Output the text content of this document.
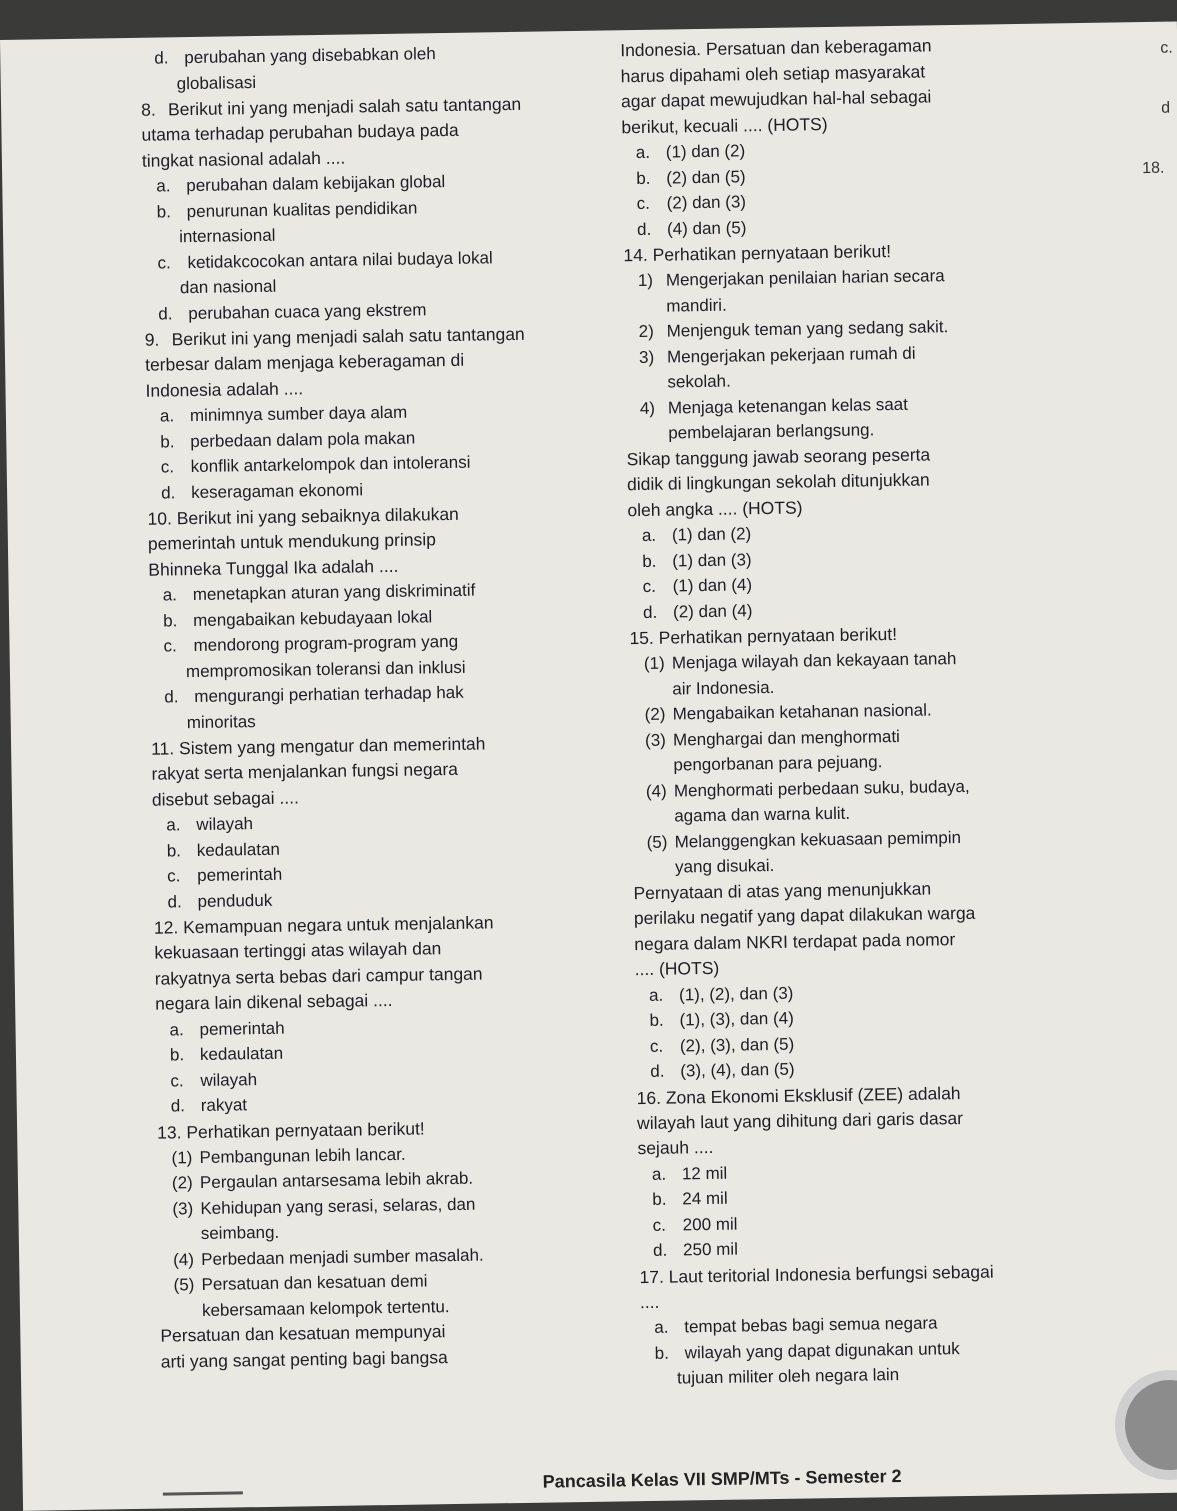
d. perubahan yang disebabkan oleh
globalisasi
8. Berikut ini yang menjadi salah satu tantangan
utama terhadap perubahan budaya pada
tingkat nasional adalah ....
a. perubahan dalam kebijakan global
b. penurunan kualitas pendidikan
internasional
c. ketidakcocokan antara nilai budaya lokal
dan nasional
d. perubahan cuaca yang ekstrem
9. Berikut ini yang menjadi salah satu tantangan
terbesar dalam menjaga keberagaman di
Indonesia adalah ....
a. minimnya sumber daya alam
b. perbedaan dalam pola makan
c. konflik antarkelompok dan intoleransi
d. keseragaman ekonomi
10. Berikut ini yang sebaiknya dilakukan
pemerintah untuk mendukung prinsip
Bhinneka Tunggal Ika adalah ....
a. menetapkan aturan yang diskriminatif
b. mengabaikan kebudayaan lokal
c. mendorong program-program yang
mempromosikan toleransi dan inklusi
d. mengurangi perhatian terhadap hak
minoritas
11. Sistem yang mengatur dan memerintah
rakyat serta menjalankan fungsi negara
disebut sebagai ....
a. wilayah
b. kedaulatan
c. pemerintah
d. penduduk
12. Kemampuan negara untuk menjalankan
kekuasaan tertinggi atas wilayah dan
rakyatnya serta bebas dari campur tangan
negara lain dikenal sebagai ....
a. pemerintah
b. kedaulatan
c. wilayah
d. rakyat
13. Perhatikan pernyataan berikut!
(1) Pembangunan lebih lancar.
(2) Pergaulan antarsesama lebih akrab.
(3) Kehidupan yang serasi, selaras, dan
seimbang.
(4) Perbedaan menjadi sumber masalah.
(5) Persatuan dan kesatuan demi
kebersamaan kelompok tertentu.
Persatuan dan kesatuan mempunyai
arti yang sangat penting bagi bangsa
Indonesia. Persatuan dan keberagaman
harus dipahami oleh setiap masyarakat
agar dapat mewujudkan hal-hal sebagai
berikut, kecuali .... (HOTS)
a. (1) dan (2)
b. (2) dan (5)
c. (2) dan (3)
d. (4) dan (5)
14. Perhatikan pernyataan berikut!
1) Mengerjakan penilaian harian secara
mandiri.
2) Menjenguk teman yang sedang sakit.
3) Mengerjakan pekerjaan rumah di
sekolah.
4) Menjaga ketenangan kelas saat
pembelajaran berlangsung.
Sikap tanggung jawab seorang peserta
didik di lingkungan sekolah ditunjukkan
oleh angka .... (HOTS)
a. (1) dan (2)
b. (1) dan (3)
c. (1) dan (4)
d. (2) dan (4)
15. Perhatikan pernyataan berikut!
(1) Menjaga wilayah dan kekayaan tanah
air Indonesia.
(2) Mengabaikan ketahanan nasional.
(3) Menghargai dan menghormati
pengorbanan para pejuang.
(4) Menghormati perbedaan suku, budaya,
agama dan warna kulit.
(5) Melanggengkan kekuasaan pemimpin
yang disukai.
Pernyataan di atas yang menunjukkan
perilaku negatif yang dapat dilakukan warga
negara dalam NKRI terdapat pada nomor
.... (HOTS)
a. (1), (2), dan (3)
b. (1), (3), dan (4)
c. (2), (3), dan (5)
d. (3), (4), dan (5)
16. Zona Ekonomi Eksklusif (ZEE) adalah
wilayah laut yang dihitung dari garis dasar
sejauh ....
a. 12 mil
b. 24 mil
c. 200 mil
d. 250 mil
17. Laut teritorial Indonesia berfungsi sebagai
....
a. tempat bebas bagi semua negara
b. wilayah yang dapat digunakan untuk
tujuan militer oleh negara lain
c.
d
18.
Pancasila Kelas VII SMP/MTs - Semester 2
